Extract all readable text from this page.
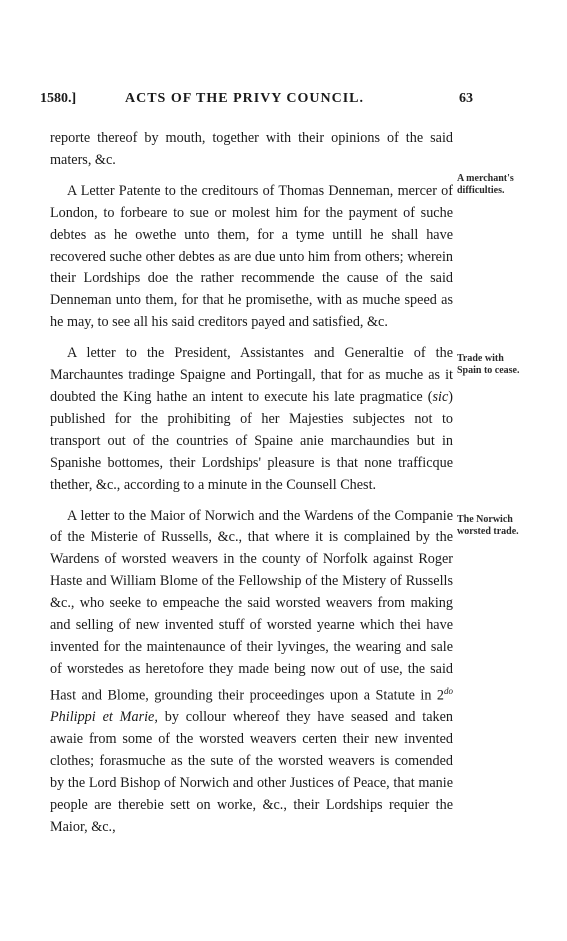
1580.]	ACTS OF THE PRIVY COUNCIL.	63

reporte thereof by mouth, together with their opinions of the said maters, &c.

A Letter Patente to the creditours of Thomas Denneman, mercer of London, to forbeare to sue or molest him for the payment of suche debtes as he owethe unto them, for a tyme untill he shall have recovered suche other debtes as are due unto him from others; wherein their Lordships doe the rather recommende the cause of the said Denneman unto them, for that he promisethe, with as muche speed as he may, to see all his said creditors payed and satisfied, &c.

A letter to the President, Assistantes and Generaltie of the Marchauntes tradinge Spaigne and Portingall, that for as muche as it doubted the King hathe an intent to execute his late pragmatice (sic) published for the prohibiting of her Majesties subjectes not to transport out of the countries of Spaine anie marchaundies but in Spanishe bottomes, their Lordships' pleasure is that none trafficque thether, &c., according to a minute in the Counsell Chest.

A letter to the Maior of Norwich and the Wardens of the Companie of the Misterie of Russells, &c., that where it is complained by the Wardens of worsted weavers in the county of Norfolk against Roger Haste and William Blome of the Fellowship of the Mistery of Russells &c., who seeke to empeache the said worsted weavers from making and selling of new invented stuff of worsted yearne which thei have invented for the maintenaunce of their lyvinges, the wearing and sale of worstedes as heretofore they made being now out of use, the said Hast and Blome, grounding their proceedinges upon a Statute in $2^{do}$ Philippi et Marie, by collour whereof they have seased and taken awaie from some of the worsted weavers certen their new invented clothes; forasmuche as the sute of the worsted weavers is comended by the Lord Bishop of Norwich and other Justices of Peace, that manie people are therebie sett on worke, &c., their Lordships requier the Maior, &c.,

A merchant's
difficulties.
Trade with
Spain to cease.
The Norwich
worsted trade.
